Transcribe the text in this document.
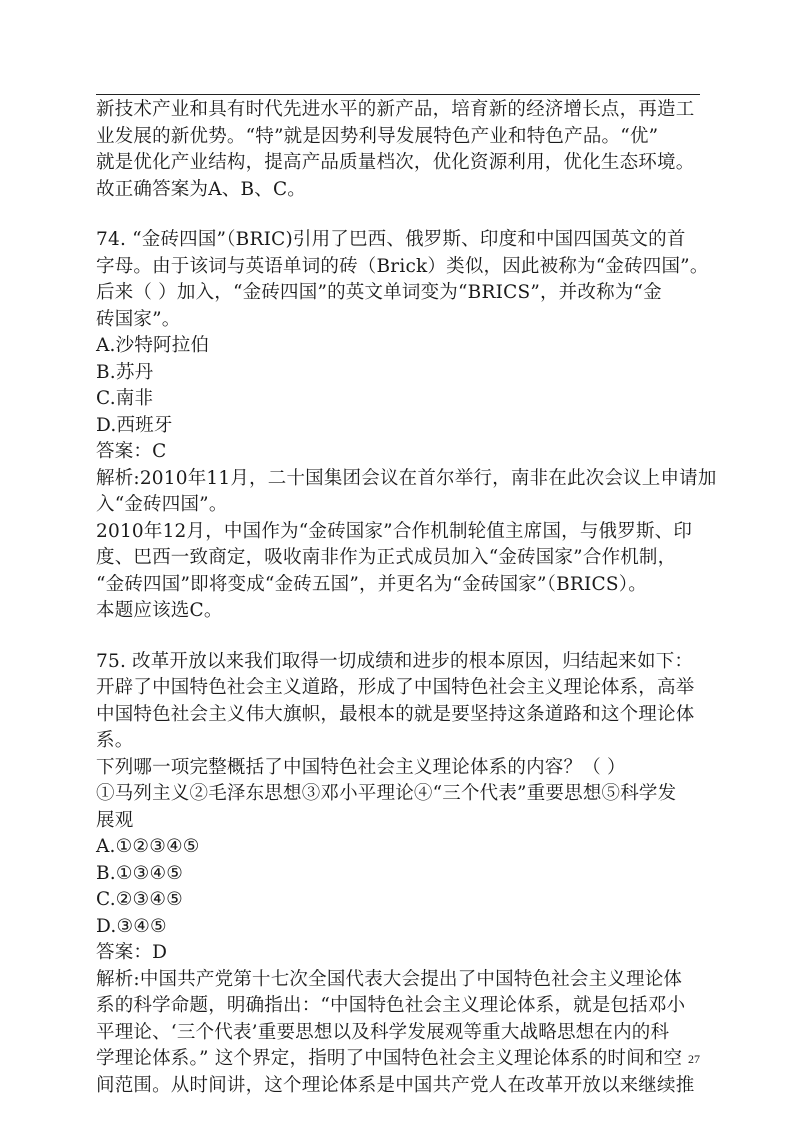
新技术产业和具有时代先进水平的新产品，培育新的经济增长点，再造工
业发展的新优势。“特”就是因势利导发展特色产业和特色产品。“优”
就是优化产业结构，提高产品质量档次，优化资源利用，优化生态环境。
故正确答案为A、B、C。
74. “金砖四国”（BRIC)引用了巴西、俄罗斯、印度和中国四国英文的首
字母。由于该词与英语单词的砖（Brick）类似，因此被称为“金砖四国”。
后来（ ）加入，“金砖四国”的英文单词变为“BRICS”，并改称为“金
砖国家”。
A.沙特阿拉伯
B.苏丹
C.南非
D.西班牙
答案：C
解析:2010年11月，二十国集团会议在首尔举行，南非在此次会议上申请加
入“金砖四国”。
2010年12月，中国作为“金砖国家”合作机制轮值主席国，与俄罗斯、印
度、巴西一致商定，吸收南非作为正式成员加入“金砖国家”合作机制，
“金砖四国”即将变成“金砖五国”，并更名为“金砖国家”（BRICS）。
本题应该选C。
75. 改革开放以来我们取得一切成绩和进步的根本原因，归结起来如下：
开辟了中国特色社会主义道路，形成了中国特色社会主义理论体系，高举
中国特色社会主义伟大旗帜，最根本的就是要坚持这条道路和这个理论体
系。
下列哪一项完整概括了中国特色社会主义理论体系的内容？（ ）
①马列主义②毛泽东思想③邓小平理论④“三个代表”重要思想⑤科学发
展观
A.①②③④⑤
B.①③④⑤
C.②③④⑤
D.③④⑤
答案：D
解析:中国共产党第十七次全国代表大会提出了中国特色社会主义理论体
系的科学命题，明确指出：“中国特色社会主义理论体系，就是包括邓小
平理论、‘三个代表’重要思想以及科学发展观等重大战略思想在内的科
学理论体系。” 这个界定，指明了中国特色社会主义理论体系的时间和空
间范围。从时间讲，这个理论体系是中国共产党人在改革开放以来继续推
27
